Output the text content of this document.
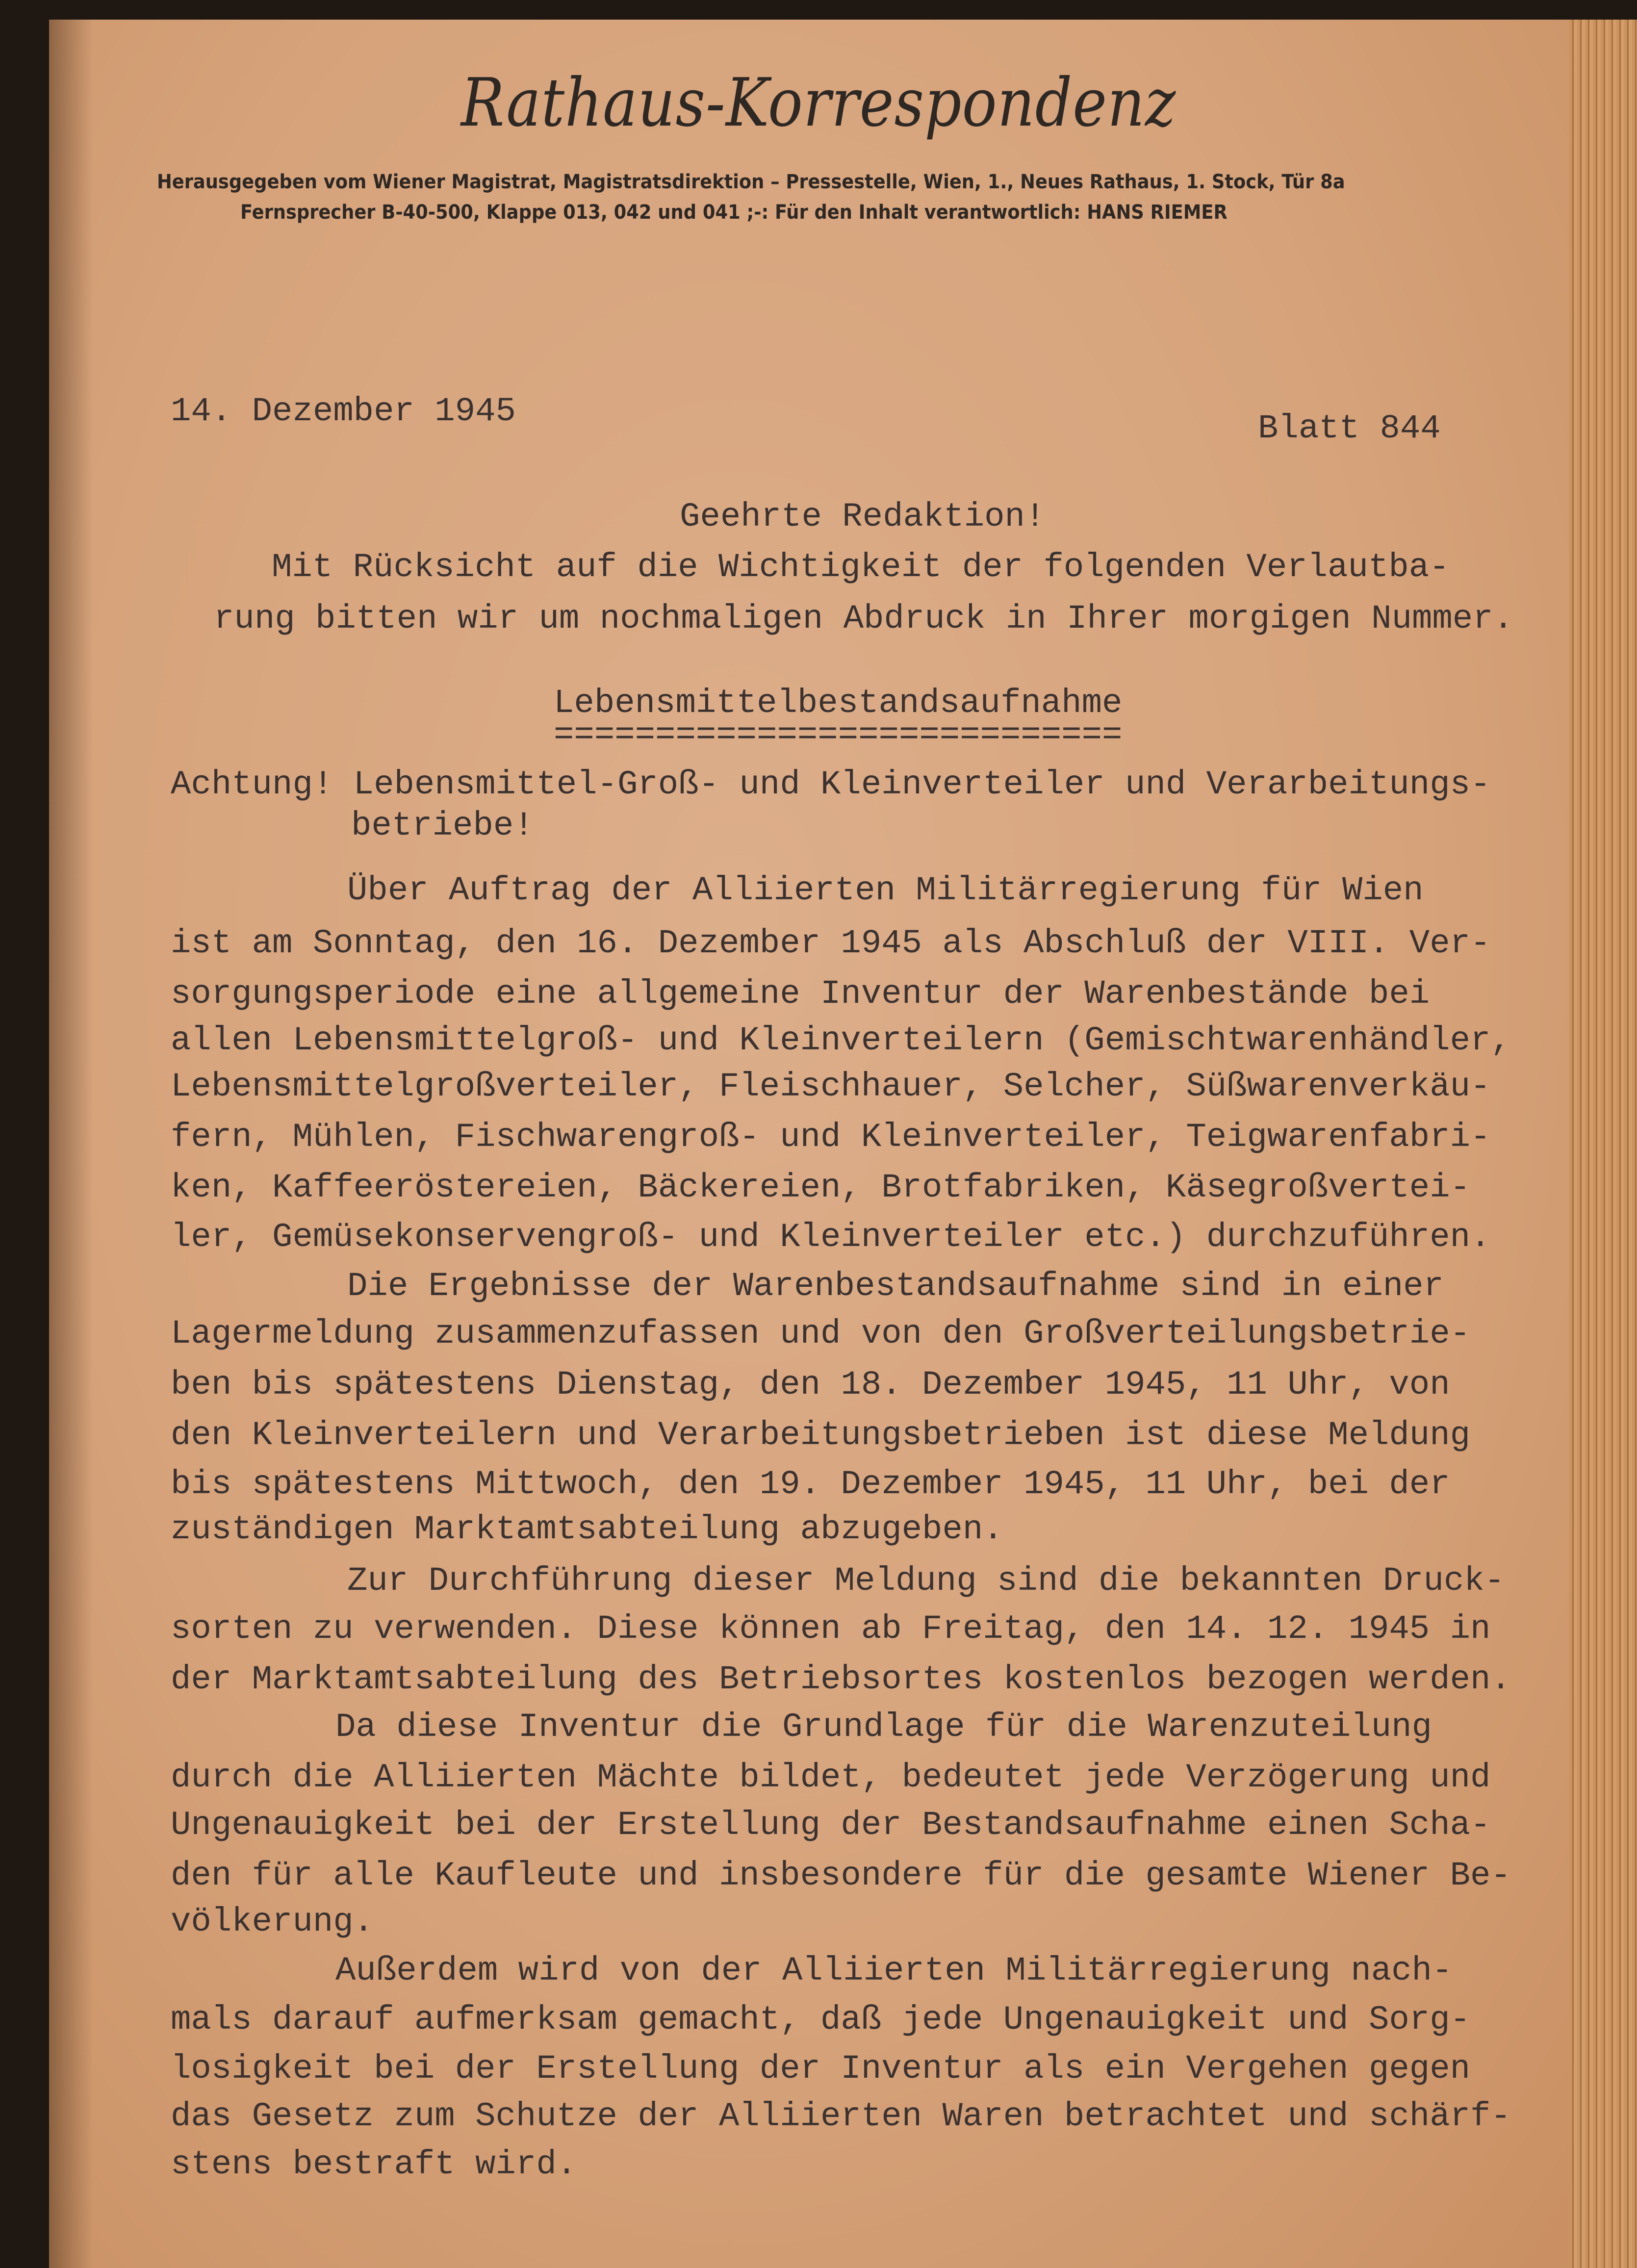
Rathaus-Korrespondenz
Herausgegeben vom Wiener Magistrat, Magistratsdirektion – Pressestelle, Wien, 1., Neues Rathaus, 1. Stock, Tür 8a
Fernsprecher B-40-500, Klappe 013, 042 und 041 ;-: Für den Inhalt verantwortlich: HANS RIEMER
14. Dezember 1945	Blatt 844
Geehrte Redaktion!
Mit Rücksicht auf die Wichtigkeit der folgenden Verlautba-
rung bitten wir um nochmaligen Abdruck in Ihrer morgigen Nummer.
Lebensmittelbestandsaufnahme
============================
Achtung! Lebensmittel-Groß- und Kleinverteiler und Verarbeitungs-
betriebe!
Über Auftrag der Alliierten Militärregierung für Wien
ist am Sonntag, den 16. Dezember 1945 als Abschluß der VIII. Ver-
sorgungsperiode eine allgemeine Inventur der Warenbestände bei
allen Lebensmittelgroß- und Kleinverteilern (Gemischtwarenhändler,
Lebensmittelgroßverteiler, Fleischhauer, Selcher, Süßwarenverkäu-
fern, Mühlen, Fischwarengroß- und Kleinverteiler, Teigwarenfabri-
ken, Kaffeeröstereien, Bäckereien, Brotfabriken, Käsegroßvertei-
ler, Gemüsekonservengroß- und Kleinverteiler etc.) durchzuführen.
Die Ergebnisse der Warenbestandsaufnahme sind in einer
Lagermeldung zusammenzufassen und von den Großverteilungsbetrie-
ben bis spätestens Dienstag, den 18. Dezember 1945, 11 Uhr, von
den Kleinverteilern und Verarbeitungsbetrieben ist diese Meldung
bis spätestens Mittwoch, den 19. Dezember 1945, 11 Uhr, bei der
zuständigen Marktamtsabteilung abzugeben.
Zur Durchführung dieser Meldung sind die bekannten Druck-
sorten zu verwenden. Diese können ab Freitag, den 14. 12. 1945 in
der Marktamtsabteilung des Betriebsortes kostenlos bezogen werden.
Da diese Inventur die Grundlage für die Warenzuteilung
durch die Alliierten Mächte bildet, bedeutet jede Verzögerung und
Ungenauigkeit bei der Erstellung der Bestandsaufnahme einen Scha-
den für alle Kaufleute und insbesondere für die gesamte Wiener Be-
völkerung.
Außerdem wird von der Alliierten Militärregierung nach-
mals darauf aufmerksam gemacht, daß jede Ungenauigkeit und Sorg-
losigkeit bei der Erstellung der Inventur als ein Vergehen gegen
das Gesetz zum Schutze der Alliierten Waren betrachtet und schärf-
stens bestraft wird.
